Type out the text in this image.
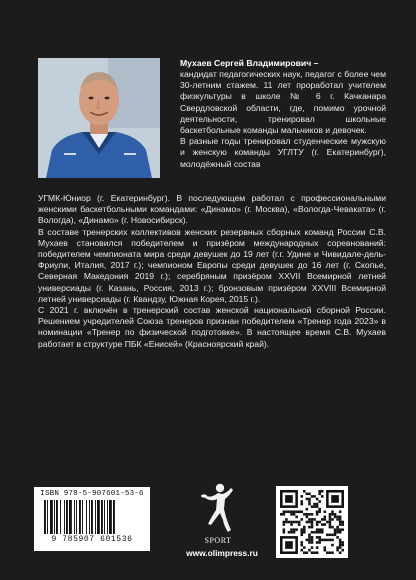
Мухаев Сергей Владимирович –

кандидат педагогических наук, педагог с более чем 30-летним стажем. 11 лет проработал учителем физкультуры в школе № 6 г. Качканара Свердловской области, где, помимо урочной деятельности, тренировал школьные баскетбольные команды мальчиков и девочек.

В разные годы тренировал студенческие мужскую и женскую команды УГЛТУ (г. Екатеринбург), молодёжный состав

УГМК-Юниор (г. Екатеринбург). В последующем работал с профессиональными женскими баскетбольными командами: «Динамо» (г. Москва), «Вологда-Чеваката» (г. Вологда), «Динамо» (г. Новосибирск).

В составе тренерских коллективов женских резервных сборных команд России С.В. Мухаев становился победителем и призёром международных соревнований: победителем чемпионата мира среди девушек до 19 лет (г.г. Удине и Чивидале-дель-Фриули, Италия, 2017 г.); чемпионом Европы среди девушек до 16 лет (г. Скопье, Северная Македония 2019 г.); серебряным призёром XXVII Всемирной летней универсиады (г. Казань, Россия, 2013 г.); бронзовым призёром XXVIII Всемирной летней универсиады (г. Квандзу, Южная Корея, 2015 г.).

С 2021 г. включён в тренерский состав женской национальной сборной России. Решением учредителей Союза тренеров признан победителем «Тренер года 2023» в номинации «Тренер по физической подготовке». В настоящее время С.В. Мухаев работает в структуре ПБК «Енисей» (Красноярский край).

ISBN 978-5-907601-53-6
9 785907 601536	SPORT
www.olimpress.ru
